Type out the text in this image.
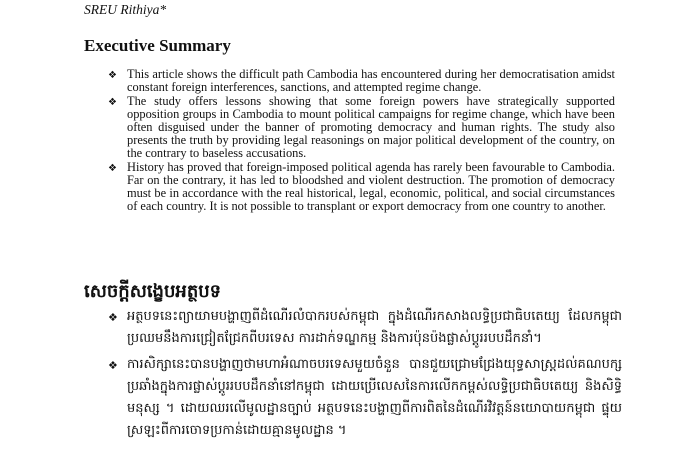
SREU Rithiya*
Executive Summary
❖ This article shows the difficult path Cambodia has encountered during her democratisation amidst constant foreign interferences, sanctions, and attempted regime change.
❖ The study offers lessons showing that some foreign powers have strategically supported opposition groups in Cambodia to mount political campaigns for regime change, which have been often disguised under the banner of promoting democracy and human rights. The study also presents the truth by providing legal reasonings on major political development of the country, on the contrary to baseless accusations.
❖ History has proved that foreign-imposed political agenda has rarely been favourable to Cambodia. Far on the contrary, it has led to bloodshed and violent destruction. The promotion of democracy must be in accordance with the real historical, legal, economic, political, and social circumstances of each country. It is not possible to transplant or export democracy from one country to another.
សេចក្តីសង្ខេបអត្ថបទ
❖ អត្ថបទនេះព្យាយាមបង្ហាញពីដំណើរលំបាករបស់កម្ពុជា ក្នុងដំណើរកសាងលទ្ធិប្រជាធិបតេយ្យ ដែលកម្ពុជា ប្រឈមនឹងការជ្រៀតជ្រែកពីបរទេស ការដាក់ទណ្ឌកម្ម និងការប៉ុនប៉ងផ្លាស់ប្តូររបបដឹកនាំ។
❖ ការសិក្សានេះបានបង្ហាញថាមហាអំណាចបរទេសមួយចំនួន បានជួយជ្រោមជ្រែងយុទ្ធសាស្ត្រដល់គណបក្សប្រឆាំងក្នុងការផ្លាស់ប្តូររបបដឹកនាំនៅកម្ពុជា ដោយប្រើលេសនៃការលើកកម្ពស់លទ្ធិប្រជាធិបតេយ្យ និងសិទ្ធិមនុស្ស ។ ដោយឈរលើមូលដ្ឋានច្បាប់ អត្ថបទនេះបង្ហាញពីការពិតនៃដំណើរវិវត្តន៍នយោបាយកម្ពុជា ផ្ទុយស្រឡះពីការចោទប្រកាន់ដោយគ្មានមូលដ្ឋាន ។
